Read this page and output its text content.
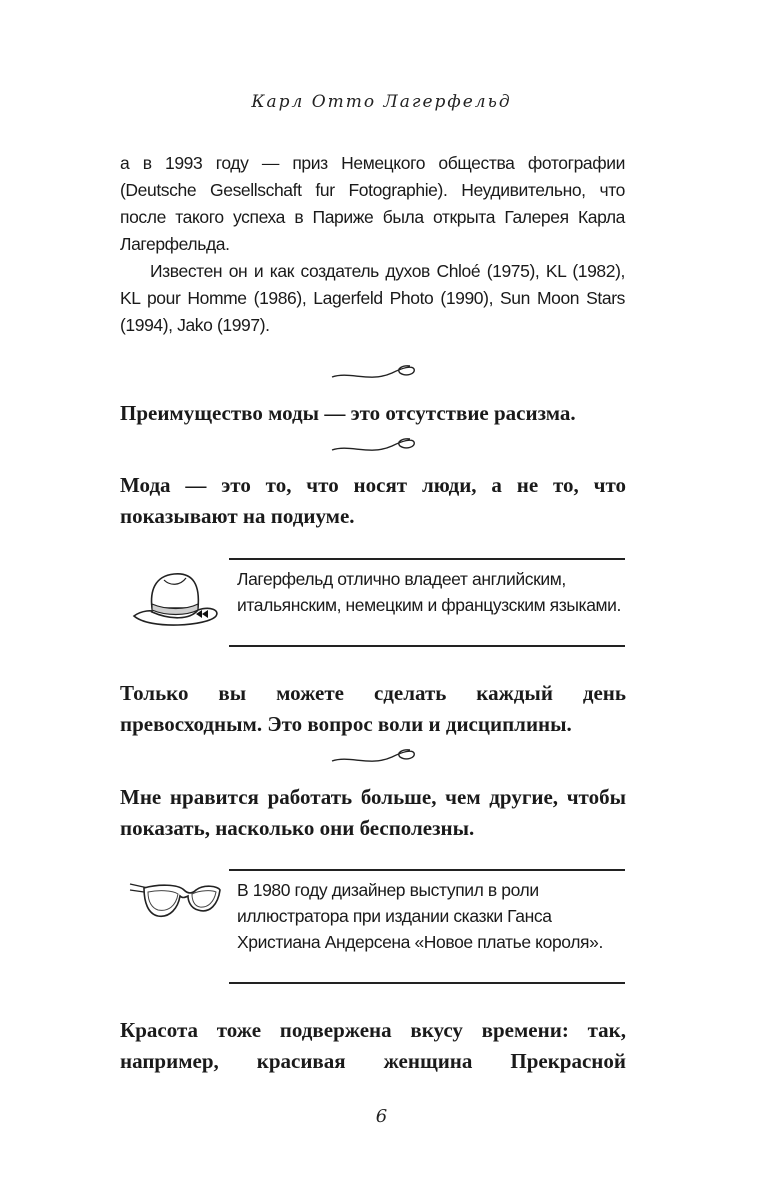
Карл Отто Лагерфельд

а в 1993 году — приз Немецкого общества фотографии (Deutsche Gesellschaft fur Fotographie). Неудивительно, что после такого успеха в Париже была открыта Галерея Карла Лагерфельда.

Известен он и как создатель духов Chloé (1975), KL (1982), KL pour Homme (1986), Lagerfeld Photo (1990), Sun Moon Stars (1994), Jako (1997).

Преимущество моды — это отсутствие расизма.

Мода — это то, что носят люди, а не то, что показывают на подиуме.

Лагерфельд отлично владеет английским, итальянским, немецким и французским языками.

Только вы можете сделать каждый день превосходным. Это вопрос воли и дисциплины.

Мне нравится работать больше, чем другие, чтобы показать, насколько они бесполезны.

В 1980 году дизайнер выступил в роли иллюстратора при издании сказки Ганса Христиана Андерсена «Новое платье короля».

Красота тоже подвержена вкусу времени: так, например, красивая женщина Прекрасной

6
